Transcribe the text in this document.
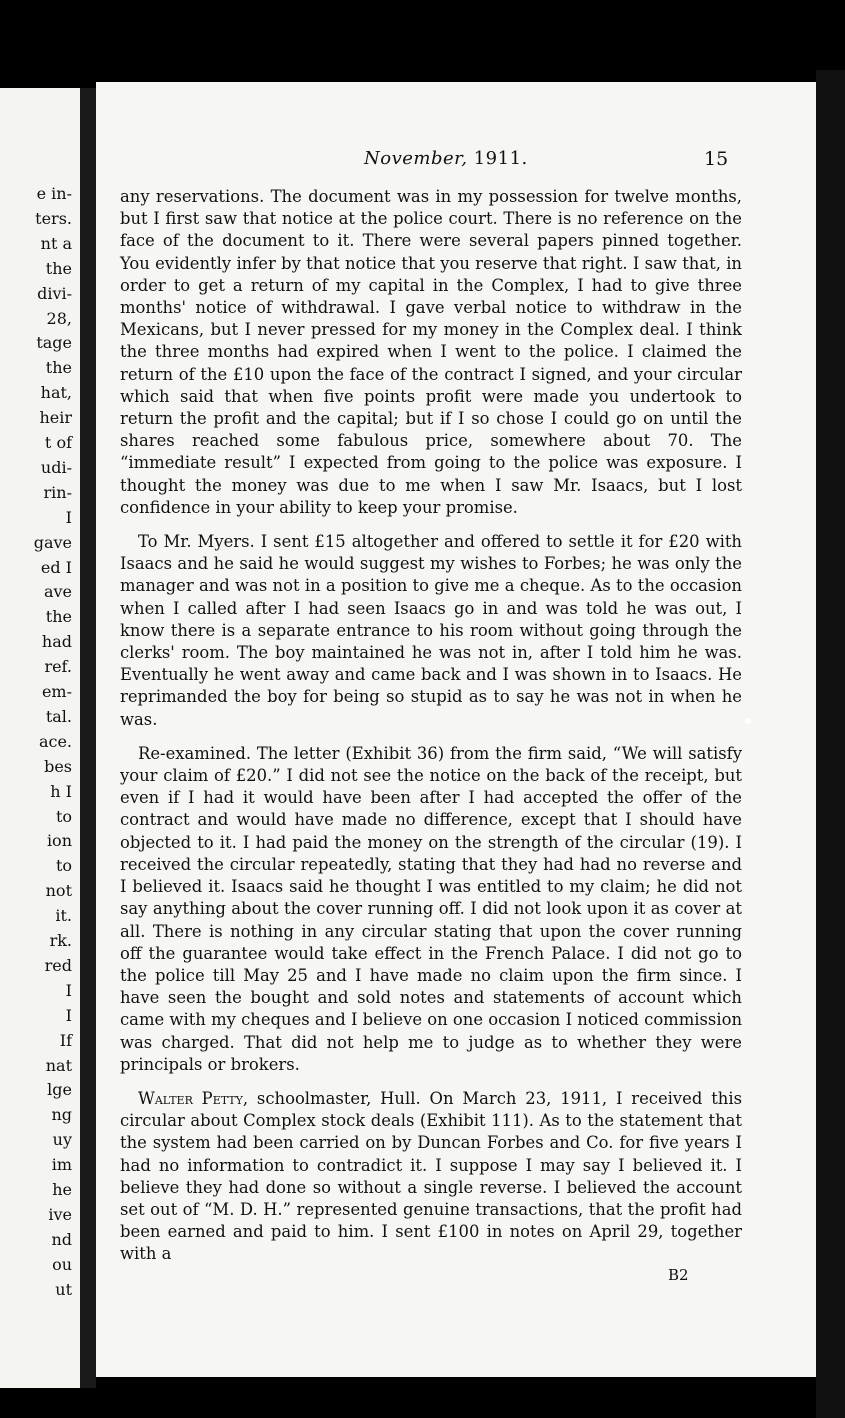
e in-
ters.
nt a
the
divi-
28,
tage
the
hat,
heir
t of
udi-
rin-
I
gave
ed I
ave
the
had
ref.
em-
tal.
ace.
bes
h I
to
ion
to
not
it.
rk.
red
I
I
If
nat
lge
ng
uy
im
he
ive
nd
ou
ut
November, 1911.	15

any reservations. The document was in my possession for twelve months, but I first saw that notice at the police court. There is no reference on the face of the document to it. There were several papers pinned together. You evidently infer by that notice that you reserve that right. I saw that, in order to get a return of my capital in the Complex, I had to give three months' notice of withdrawal. I gave verbal notice to withdraw in the Mexicans, but I never pressed for my money in the Complex deal. I think the three months had expired when I went to the police. I claimed the return of the £10 upon the face of the contract I signed, and your circular which said that when five points profit were made you undertook to return the profit and the capital; but if I so chose I could go on until the shares reached some fabulous price, somewhere about 70. The “immediate result” I expected from going to the police was exposure. I thought the money was due to me when I saw Mr. Isaacs, but I lost confidence in your ability to keep your promise.

To Mr. Myers. I sent £15 altogether and offered to settle it for £20 with Isaacs and he said he would suggest my wishes to Forbes; he was only the manager and was not in a position to give me a cheque. As to the occasion when I called after I had seen Isaacs go in and was told he was out, I know there is a separate entrance to his room without going through the clerks' room. The boy maintained he was not in, after I told him he was. Eventually he went away and came back and I was shown in to Isaacs. He reprimanded the boy for being so stupid as to say he was not in when he was.

Re-examined. The letter (Exhibit 36) from the firm said, “We will satisfy your claim of £20.” I did not see the notice on the back of the receipt, but even if I had it would have been after I had accepted the offer of the contract and would have made no difference, except that I should have objected to it. I had paid the money on the strength of the circular (19). I received the circular repeatedly, stating that they had had no reverse and I believed it. Isaacs said he thought I was entitled to my claim; he did not say anything about the cover running off. I did not look upon it as cover at all. There is nothing in any circular stating that upon the cover running off the guarantee would take effect in the French Palace. I did not go to the police till May 25 and I have made no claim upon the firm since. I have seen the bought and sold notes and statements of account which came with my cheques and I believe on one occasion I noticed commission was charged. That did not help me to judge as to whether they were principals or brokers.

Walter Petty, schoolmaster, Hull. On March 23, 1911, I received this circular about Complex stock deals (Exhibit 111). As to the statement that the system had been carried on by Duncan Forbes and Co. for five years I had no information to contradict it. I suppose I may say I believed it. I believe they had done so without a single reverse. I believed the account set out of “M. D. H.” represented genuine transactions, that the profit had been earned and paid to him. I sent £100 in notes on April 29, together with a

B2
